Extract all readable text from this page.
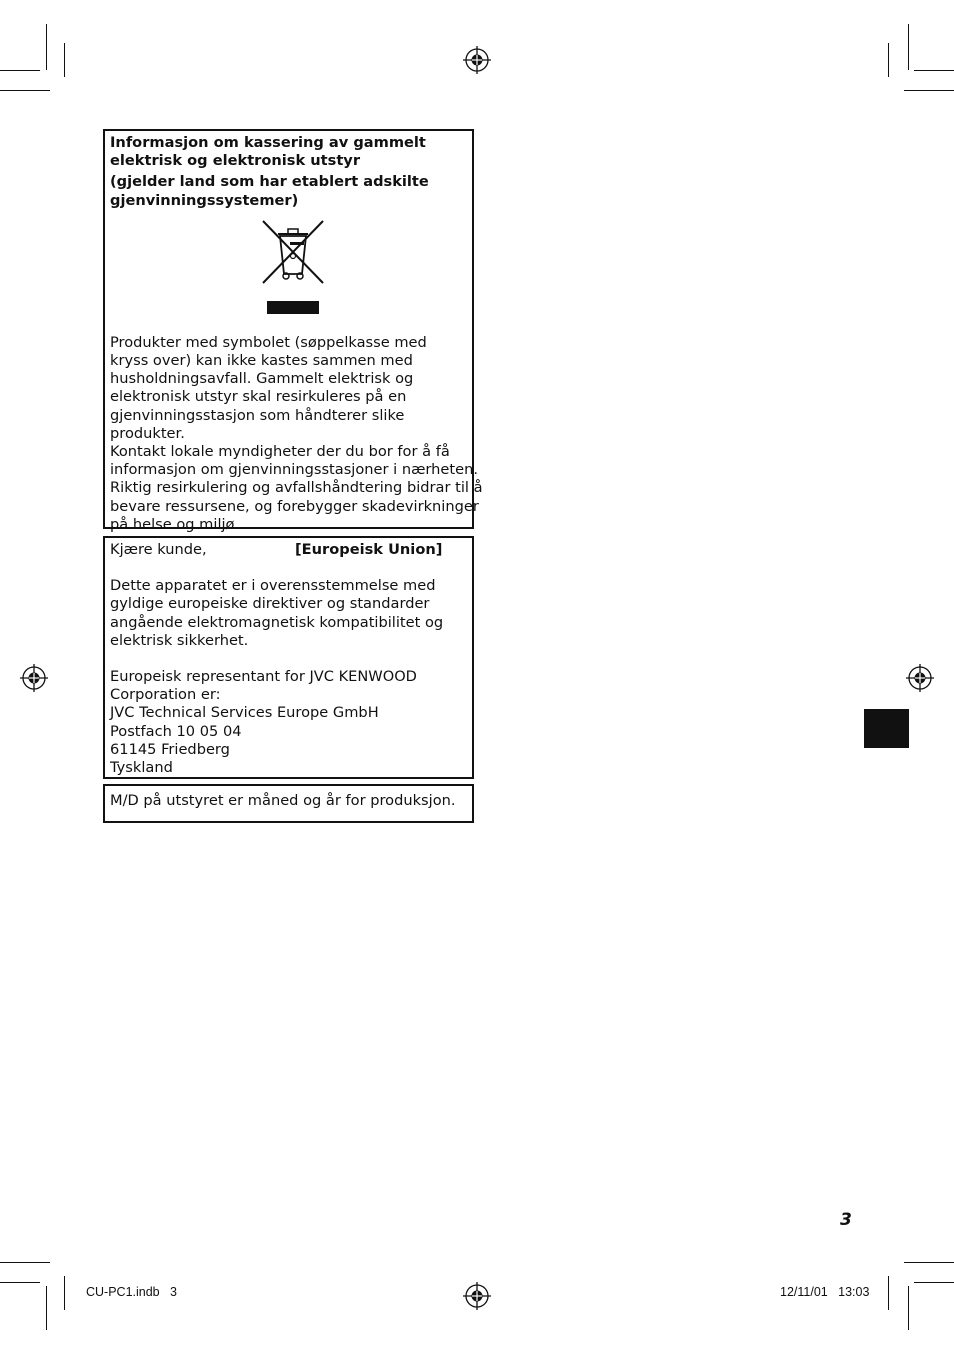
Informasjon om kassering av gammelt
elektrisk og elektronisk utstyr
(gjelder land som har etablert adskilte
gjenvinningssystemer)
Produkter med symbolet (søppelkasse med
kryss over) kan ikke kastes sammen med
husholdningsavfall. Gammelt elektrisk og
elektronisk utstyr skal resirkuleres på en
gjenvinningsstasjon som håndterer slike
produkter.
Kontakt lokale myndigheter der du bor for å få
informasjon om gjenvinningsstasjoner i nærheten.
Riktig resirkulering og avfallshåndtering bidrar til å
bevare ressursene, og forebygger skadevirkninger
på helse og miljø.
Kjære kunde,	[Europeisk Union]
Dette apparatet er i overensstemmelse med
gyldige europeiske direktiver og standarder
angående elektromagnetisk kompatibilitet og
elektrisk sikkerhet.
Europeisk representant for JVC KENWOOD
Corporation er:
JVC Technical Services Europe GmbH
Postfach 10 05 04
61145 Friedberg
Tyskland
M/D på utstyret er måned og år for produksjon.
3
CU-PC1.indb   3	12/11/01   13:03
